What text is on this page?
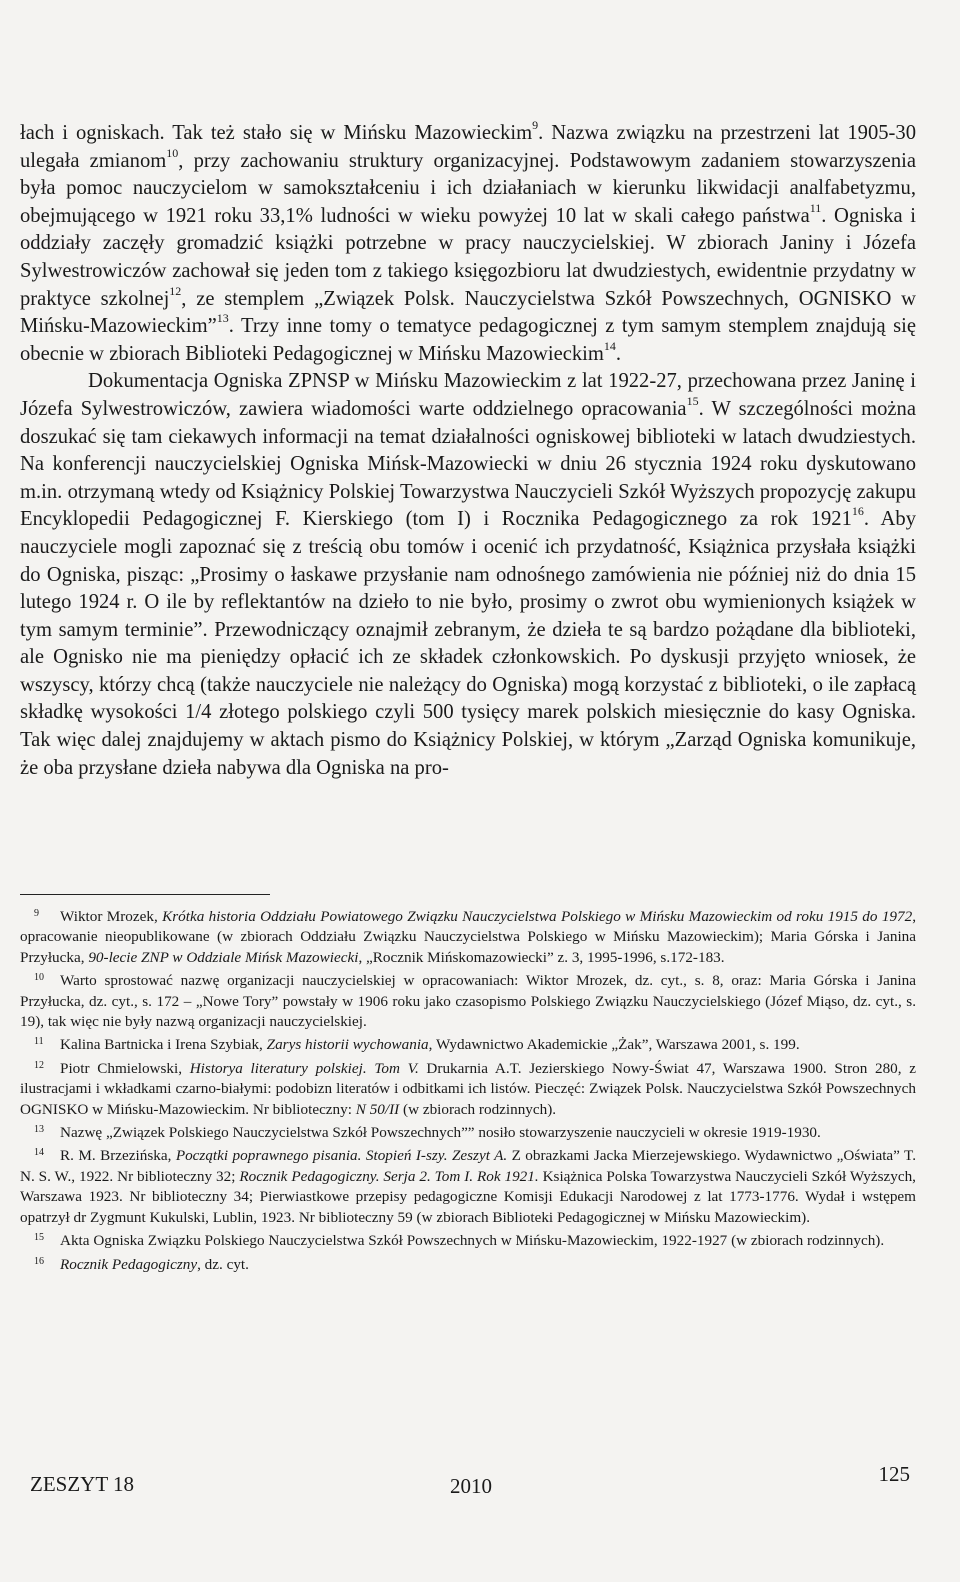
łach i ogniskach. Tak też stało się w Mińsku Mazowieckim$^9$. Nazwa związku na przestrzeni lat 1905-30 ulegała zmianom$^{10}$, przy zachowaniu struktury organizacyjnej. Podstawowym zadaniem stowarzyszenia była pomoc nauczycielom w samokształceniu i ich działaniach w kierunku likwidacji analfabetyzmu, obejmującego w 1921 roku 33,1% ludności w wieku powyżej 10 lat w skali całego państwa$^{11}$. Ogniska i oddziały zaczęły gromadzić książki potrzebne w pracy nauczycielskiej. W zbiorach Janiny i Józefa Sylwestrowiczów zachował się jeden tom z takiego księgozbioru lat dwudziestych, ewidentnie przydatny w praktyce szkolnej$^{12}$, ze stemplem „Związek Polsk. Nauczycielstwa Szkół Powszechnych, OGNISKO w Mińsku-Mazowieckim”$^{13}$. Trzy inne tomy o tematyce pedagogicznej z tym samym stemplem znajdują się obecnie w zbiorach Biblioteki Pedagogicznej w Mińsku Mazowieckim$^{14}$.

Dokumentacja Ogniska ZPNSP w Mińsku Mazowieckim z lat 1922-27, przechowana przez Janinę i Józefa Sylwestrowiczów, zawiera wiadomości warte oddzielnego opracowania$^{15}$. W szczególności można doszukać się tam ciekawych informacji na temat działalności ogniskowej biblioteki w latach dwudziestych. Na konferencji nauczycielskiej Ogniska Mińsk-Mazowiecki w dniu 26 stycznia 1924 roku dyskutowano m.in. otrzymaną wtedy od Książnicy Polskiej Towarzystwa Nauczycieli Szkół Wyższych propozycję zakupu Encyklopedii Pedagogicznej F. Kierskiego (tom I) i Rocznika Pedagogicznego za rok 1921$^{16}$. Aby nauczyciele mogli zapoznać się z treścią obu tomów i ocenić ich przydatność, Książnica przysłała książki do Ogniska, pisząc: „Prosimy o łaskawe przysłanie nam odnośnego zamówienia nie później niż do dnia 15 lutego 1924 r. O ile by reflektantów na dzieło to nie było, prosimy o zwrot obu wymienionych książek w tym samym terminie”. Przewodniczący oznajmił zebranym, że dzieła te są bardzo pożądane dla biblioteki, ale Ognisko nie ma pieniędzy opłacić ich ze składek członkowskich. Po dyskusji przyjęto wniosek, że wszyscy, którzy chcą (także nauczyciele nie należący do Ogniska) mogą korzystać z biblioteki, o ile zapłacą składkę wysokości 1/4 złotego polskiego czyli 500 tysięcy marek polskich miesięcznie do kasy Ogniska. Tak więc dalej znajdujemy w aktach pismo do Książnicy Polskiej, w którym „Zarząd Ogniska komunikuje, że oba przysłane dzieła nabywa dla Ogniska na pro-

9 Wiktor Mrozek, Krótka historia Oddziału Powiatowego Związku Nauczycielstwa Polskiego w Mińsku Mazowieckim od roku 1915 do 1972, opracowanie nieopublikowane (w zbiorach Oddziału Związku Nauczycielstwa Polskiego w Mińsku Mazowieckim); Maria Górska i Janina Przyłucka, 90-lecie ZNP w Oddziale Mińsk Mazowiecki, „Rocznik Mińskomazowiecki” z. 3, 1995-1996, s.172-183.

10 Warto sprostować nazwę organizacji nauczycielskiej w opracowaniach: Wiktor Mrozek, dz. cyt., s. 8, oraz: Maria Górska i Janina Przyłucka, dz. cyt., s. 172 – „Nowe Tory” powstały w 1906 roku jako czasopismo Polskiego Związku Nauczycielskiego (Józef Miąso, dz. cyt., s. 19), tak więc nie były nazwą organizacji nauczycielskiej.

11 Kalina Bartnicka i Irena Szybiak, Zarys historii wychowania, Wydawnictwo Akademickie „Żak”, Warszawa 2001, s. 199.

12 Piotr Chmielowski, Historya literatury polskiej. Tom V. Drukarnia A.T. Jezierskiego Nowy-Świat 47, Warszawa 1900. Stron 280, z ilustracjami i wkładkami czarno-białymi: podobizn literatów i odbitkami ich listów. Pieczęć: Związek Polsk. Nauczycielstwa Szkół Powszechnych OGNISKO w Mińsku-Mazowieckim. Nr biblioteczny: N 50/II (w zbiorach rodzinnych).

13 Nazwę „Związek Polskiego Nauczycielstwa Szkół Powszechnych”” nosiło stowarzyszenie nauczycieli w okresie 1919-1930.

14 R. M. Brzezińska, Początki poprawnego pisania. Stopień I-szy. Zeszyt A. Z obrazkami Jacka Mierzejewskiego. Wydawnictwo „Oświata” T. N. S. W., 1922. Nr biblioteczny 32; Rocznik Pedagogiczny. Serja 2. Tom I. Rok 1921. Książnica Polska Towarzystwa Nauczycieli Szkół Wyższych, Warszawa 1923. Nr biblioteczny 34; Pierwiastkowe przepisy pedagogiczne Komisji Edukacji Narodowej z lat 1773-1776. Wydał i wstępem opatrzył dr Zygmunt Kukulski, Lublin, 1923. Nr biblioteczny 59 (w zbiorach Biblioteki Pedagogicznej w Mińsku Mazowieckim).

15 Akta Ogniska Związku Polskiego Nauczycielstwa Szkół Powszechnych w Mińsku-Mazowieckim, 1922-1927 (w zbiorach rodzinnych).

16 Rocznik Pedagogiczny, dz. cyt.

ZESZYT 18	2010	125
